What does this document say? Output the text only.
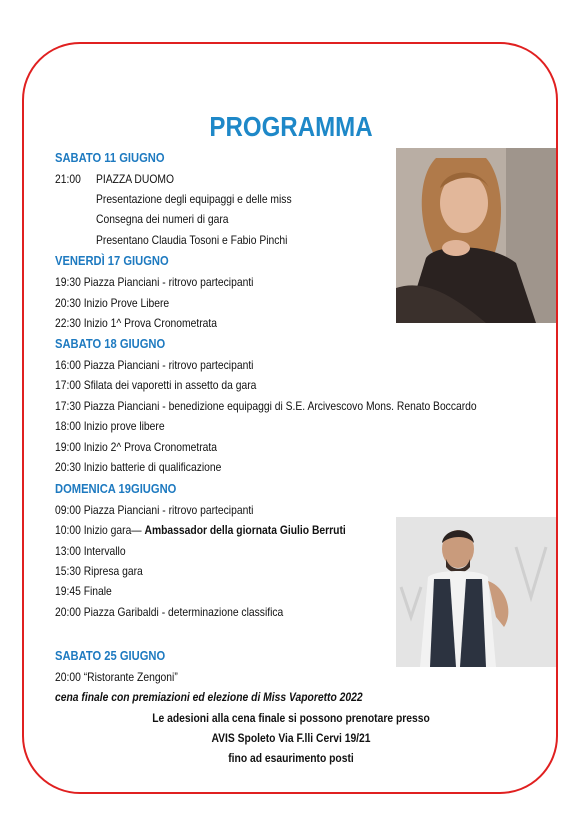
PROGRAMMA
SABATO 11 GIUGNO
21:00 PIAZZA DUOMO
Presentazione degli equipaggi e delle miss
Consegna dei numeri di gara
Presentano Claudia Tosoni e Fabio Pinchi
VENERDÌ 17 GIUGNO
19:30 Piazza Pianciani - ritrovo partecipanti
20:30 Inizio Prove Libere
22:30 Inizio 1^ Prova Cronometrata
SABATO 18 GIUGNO
16:00 Piazza Pianciani - ritrovo partecipanti
17:00 Sfilata dei vaporetti in assetto da gara
17:30 Piazza Pianciani - benedizione equipaggi di S.E. Arcivescovo Mons. Renato Boccardo
18:00 Inizio prove libere
19:00 Inizio 2^ Prova Cronometrata
20:30 Inizio batterie di qualificazione
DOMENICA 19GIUGNO
09:00 Piazza Pianciani - ritrovo partecipanti
10:00 Inizio gara— Ambassador della giornata Giulio Berruti
13:00 Intervallo
15:30 Ripresa gara
19:45 Finale
20:00 Piazza Garibaldi - determinazione classifica
SABATO 25 GIUGNO
20:00 “Ristorante Zengoni”
cena finale con premiazioni ed elezione di Miss Vaporetto 2022
Le adesioni alla cena finale si possono prenotare presso
AVIS Spoleto Via F.lli Cervi 19/21
fino ad esaurimento posti
